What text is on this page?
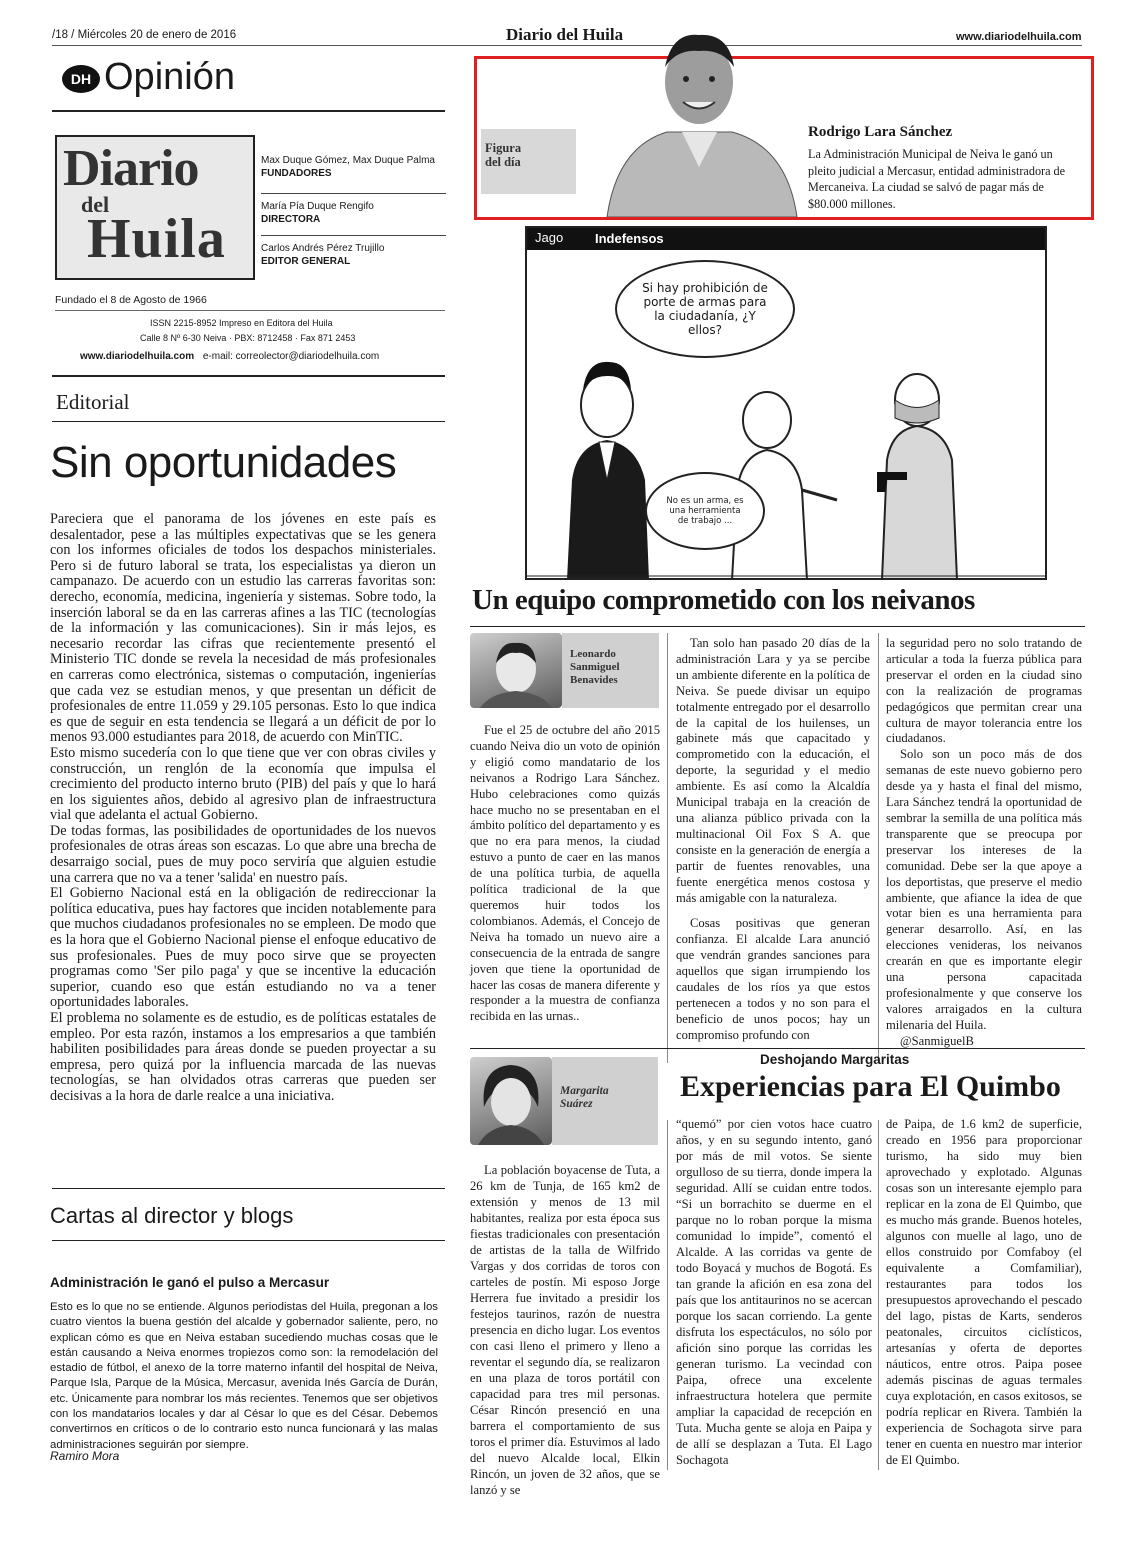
/18 / Miércoles 20 de enero de 2016	Diario del Huila	www.diariodelhuila.com
DH Opinión
Diario
del
Huila
Max Duque Gómez, Max Duque Palma
FUNDADORES
María Pía Duque Rengifo
DIRECTORA
Carlos Andrés Pérez Trujillo
EDITOR GENERAL
Fundado el 8 de Agosto de 1966
ISSN 2215-8952 Impreso en Editora del Huila
Calle 8 Nº 6-30 Neiva · PBX: 8712458 · Fax 871 2453
www.diariodelhuila.com e-mail: correolector@diariodelhuila.com
Editorial
Sin oportunidades

Pareciera que el panorama de los jóvenes en este país es desalentador, pese a las múltiples expectativas que se les genera con los informes oficiales de todos los despachos ministeriales. Pero si de futuro laboral se trata, los especialistas ya dieron un campanazo. De acuerdo con un estudio las carreras favoritas son: derecho, economía, medicina, ingeniería y sistemas. Sobre todo, la inserción laboral se da en las carreras afines a las TIC (tecnologías de la información y las comunicaciones). Sin ir más lejos, es necesario recordar las cifras que recientemente presentó el Ministerio TIC donde se revela la necesidad de más profesionales en carreras como electrónica, sistemas o computación, ingenierías que cada vez se estudian menos, y que presentan un déficit de profesionales de entre 11.059 y 29.105 personas. Esto lo que indica es que de seguir en esta tendencia se llegará a un déficit de por lo menos 93.000 estudiantes para 2018, de acuerdo con MinTIC.

Esto mismo sucedería con lo que tiene que ver con obras civiles y construcción, un renglón de la economía que impulsa el crecimiento del producto interno bruto (PIB) del país y que lo hará en los siguientes años, debido al agresivo plan de infraestructura vial que adelanta el actual Gobierno.

De todas formas, las posibilidades de oportunidades de los nuevos profesionales de otras áreas son escazas. Lo que abre una brecha de desarraigo social, pues de muy poco serviría que alguien estudie una carrera que no va a tener 'salida' en nuestro país.

El Gobierno Nacional está en la obligación de redireccionar la política educativa, pues hay factores que inciden notablemente para que muchos ciudadanos profesionales no se empleen. De modo que es la hora que el Gobierno Nacional piense el enfoque educativo de sus profesionales. Pues de muy poco sirve que se proyecten programas como 'Ser pilo paga' y que se incentive la educación superior, cuando eso que están estudiando no va a tener oportunidades laborales.

El problema no solamente es de estudio, es de políticas estatales de empleo. Por esta razón, instamos a los empresarios a que también habiliten posibilidades para áreas donde se pueden proyectar a su empresa, pero quizá por la influencia marcada de las nuevas tecnologías, se han olvidados otras carreras que pueden ser decisivas a la hora de darle realce a una iniciativa.

Cartas al director y blogs
Administración le ganó el pulso a Mercasur
Esto es lo que no se entiende. Algunos periodistas del Huila, pregonan a los cuatro vientos la buena gestión del alcalde y gobernador saliente, pero, no explican cómo es que en Neiva estaban sucediendo muchas cosas que le están causando a Neiva enormes tropiezos como son: la remodelación del estadio de fútbol, el anexo de la torre materno infantil del hospital de Neiva, Parque Isla, Parque de la Música, Mercasur, avenida Inés García de Durán, etc. Únicamente para nombrar los más recientes. Tenemos que ser objetivos con los mandatarios locales y dar al César lo que es del César. Debemos convertirnos en críticos o de lo contrario esto nunca funcionará y las malas administraciones seguirán por siempre.
Ramiro Mora
Figura
del día
Rodrigo Lara Sánchez
La Administración Municipal de Neiva le ganó un pleito judicial a Mercasur, entidad administradora de Mercaneiva. La ciudad se salvó de pagar más de $80.000 millones.
Jago Indefensos
Si hay prohibición de porte de armas para la ciudadanía, ¿Y ellos?
No es un arma, es una herramienta de trabajo ...
Un equipo comprometido con los neivanos
Leonardo
Sanmiguel
Benavides
Fue el 25 de octubre del año 2015 cuando Neiva dio un voto de opinión y eligió como mandatario de los neivanos a Rodrigo Lara Sánchez. Hubo celebraciones como quizás hace mucho no se presentaban en el ámbito político del departamento y es que no era para menos, la ciudad estuvo a punto de caer en las manos de una política turbia, de aquella política tradicional de la que queremos huir todos los colombianos. Además, el Concejo de Neiva ha tomado un nuevo aire a consecuencia de la entrada de sangre joven que tiene la oportunidad de hacer las cosas de manera diferente y responder a la muestra de confianza recibida en las urnas..

Tan solo han pasado 20 días de la administración Lara y ya se percibe un ambiente diferente en la política de Neiva. Se puede divisar un equipo totalmente entregado por el desarrollo de la capital de los huilenses, un gabinete más que capacitado y comprometido con la educación, el deporte, la seguridad y el medio ambiente. Es así como la Alcaldía Municipal trabaja en la creación de una alianza público privada con la multinacional Oil Fox S A. que consiste en la generación de energía a partir de fuentes renovables, una fuente energética menos costosa y más amigable con la naturaleza.

Cosas positivas que generan confianza. El alcalde Lara anunció que vendrán grandes sanciones para aquellos que sigan irrumpiendo los caudales de los ríos ya que estos pertenecen a todos y no son para el beneficio de unos pocos; hay un compromiso profundo con

la seguridad pero no solo tratando de articular a toda la fuerza pública para preservar el orden en la ciudad sino con la realización de programas pedagógicos que permitan crear una cultura de mayor tolerancia entre los ciudadanos.

Solo son un poco más de dos semanas de este nuevo gobierno pero desde ya y hasta el final del mismo, Lara Sánchez tendrá la oportunidad de sembrar la semilla de una política más transparente que se preocupa por preservar los intereses de la comunidad. Debe ser la que apoye a los deportistas, que preserve el medio ambiente, que afiance la idea de que votar bien es una herramienta para generar desarrollo. Así, en las elecciones venideras, los neivanos crearán en que es importante elegir una persona capacitada profesionalmente y que conserve los valores arraigados en la cultura milenaria del Huila.

@SanmiguelB

Deshojando Margaritas
Experiencias para El Quimbo
Margarita
Suárez
La población boyacense de Tuta, a 26 km de Tunja, de 165 km2 de extensión y menos de 13 mil habitantes, realiza por esta época sus fiestas tradicionales con presentación de artistas de la talla de Wilfrido Vargas y dos corridas de toros con carteles de postín. Mi esposo Jorge Herrera fue invitado a presidir los festejos taurinos, razón de nuestra presencia en dicho lugar. Los eventos con casi lleno el primero y lleno a reventar el segundo día, se realizaron en una plaza de toros portátil con capacidad para tres mil personas. César Rincón presenció en una barrera el comportamiento de sus toros el primer día. Estuvimos al lado del nuevo Alcalde local, Elkin Rincón, un joven de 32 años, que se lanzó y se
“quemó” por cien votos hace cuatro años, y en su segundo intento, ganó por más de mil votos. Se siente orgulloso de su tierra, donde impera la seguridad. Allí se cuidan entre todos. “Si un borrachito se duerme en el parque no lo roban porque la misma comunidad lo impide”, comentó el Alcalde. A las corridas va gente de todo Boyacá y muchos de Bogotá. Es tan grande la afición en esa zona del país que los antitaurinos no se acercan porque los sacan corriendo. La gente disfruta los espectáculos, no sólo por afición sino porque las corridas les generan turismo. La vecindad con Paipa, ofrece una excelente infraestructura hotelera que permite ampliar la capacidad de recepción en Tuta. Mucha gente se aloja en Paipa y de allí se desplazan a Tuta. El Lago Sochagota
de Paipa, de 1.6 km2 de superficie, creado en 1956 para proporcionar turismo, ha sido muy bien aprovechado y explotado. Algunas cosas son un interesante ejemplo para replicar en la zona de El Quimbo, que es mucho más grande. Buenos hoteles, algunos con muelle al lago, uno de ellos construido por Comfaboy (el equivalente a Comfamiliar), restaurantes para todos los presupuestos aprovechando el pescado del lago, pistas de Karts, senderos peatonales, circuitos ciclísticos, artesanías y oferta de deportes náuticos, entre otros. Paipa posee además piscinas de aguas termales cuya explotación, en casos exitosos, se podría replicar en Rivera. También la experiencia de Sochagota sirve para tener en cuenta en nuestro mar interior de El Quimbo.
